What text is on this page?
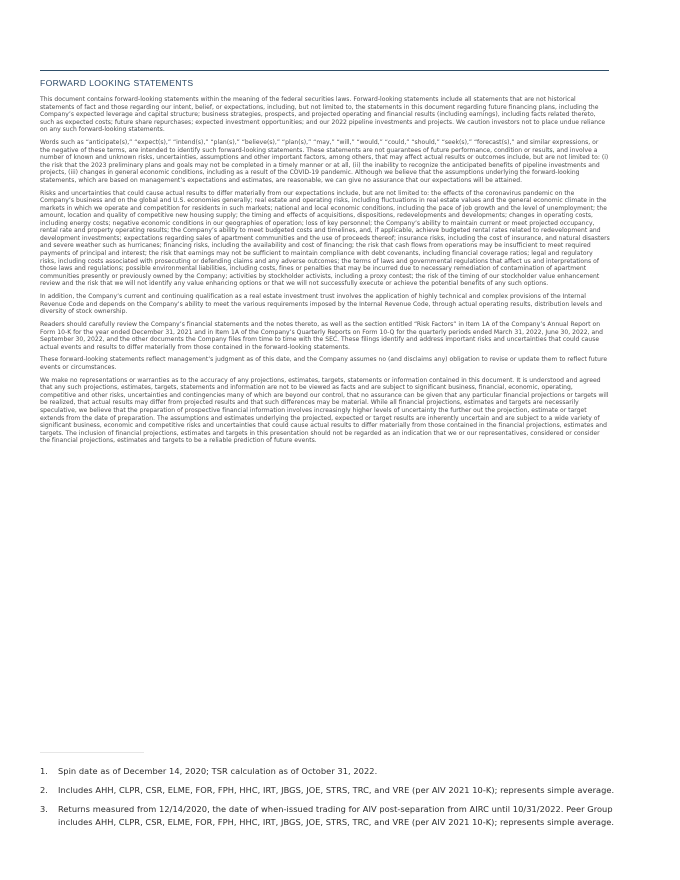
FORWARD LOOKING STATEMENTS

This document contains forward-looking statements within the meaning of the federal securities laws. Forward-looking statements include all statements that are not historical statements of fact and those regarding our intent, belief, or expectations, including, but not limited to, the statements in this document regarding future financing plans, including the Company’s expected leverage and capital structure; business strategies, prospects, and projected operating and financial results (including earnings), including facts related thereto, such as expected costs; future share repurchases; expected investment opportunities; and our 2022 pipeline investments and projects. We caution investors not to place undue reliance on any such forward-looking statements.

Words such as “anticipate(s),” “expect(s),” “intend(s),” “plan(s),” “believe(s),” “plan(s),” “may,” “will,” “would,” “could,” “should,” “seek(s),” “forecast(s),” and similar expressions, or the negative of these terms, are intended to identify such forward-looking statements. These statements are not guarantees of future performance, condition or results, and involve a number of known and unknown risks, uncertainties, assumptions and other important factors, among others, that may affect actual results or outcomes include, but are not limited to: (i) the risk that the 2023 preliminary plans and goals may not be completed in a timely manner or at all, (ii) the inability to recognize the anticipated benefits of pipeline investments and projects, (iii) changes in general economic conditions, including as a result of the COVID-19 pandemic. Although we believe that the assumptions underlying the forward-looking statements, which are based on management’s expectations and estimates, are reasonable, we can give no assurance that our expectations will be attained.

Risks and uncertainties that could cause actual results to differ materially from our expectations include, but are not limited to: the effects of the coronavirus pandemic on the Company’s business and on the global and U.S. economies generally; real estate and operating risks, including fluctuations in real estate values and the general economic climate in the markets in which we operate and competition for residents in such markets; national and local economic conditions, including the pace of job growth and the level of unemployment; the amount, location and quality of competitive new housing supply; the timing and effects of acquisitions, dispositions, redevelopments and developments; changes in operating costs, including energy costs; negative economic conditions in our geographies of operation; loss of key personnel; the Company’s ability to maintain current or meet projected occupancy, rental rate and property operating results; the Company’s ability to meet budgeted costs and timelines, and, if applicable, achieve budgeted rental rates related to redevelopment and development investments; expectations regarding sales of apartment communities and the use of proceeds thereof; insurance risks, including the cost of insurance, and natural disasters and severe weather such as hurricanes; financing risks, including the availability and cost of financing; the risk that cash flows from operations may be insufficient to meet required payments of principal and interest; the risk that earnings may not be sufficient to maintain compliance with debt covenants, including financial coverage ratios; legal and regulatory risks, including costs associated with prosecuting or defending claims and any adverse outcomes; the terms of laws and governmental regulations that affect us and interpretations of those laws and regulations; possible environmental liabilities, including costs, fines or penalties that may be incurred due to necessary remediation of contamination of apartment communities presently or previously owned by the Company; activities by stockholder activists, including a proxy contest; the risk of the timing of our stockholder value enhancement review and the risk that we will not identify any value enhancing options or that we will not successfully execute or achieve the potential benefits of any such options.

In addition, the Company’s current and continuing qualification as a real estate investment trust involves the application of highly technical and complex provisions of the Internal Revenue Code and depends on the Company’s ability to meet the various requirements imposed by the Internal Revenue Code, through actual operating results, distribution levels and diversity of stock ownership.

Readers should carefully review the Company’s financial statements and the notes thereto, as well as the section entitled “Risk Factors” in Item 1A of the Company’s Annual Report on Form 10-K for the year ended December 31, 2021 and in Item 1A of the Company’s Quarterly Reports on Form 10-Q for the quarterly periods ended March 31, 2022, June 30, 2022, and September 30, 2022, and the other documents the Company files from time to time with the SEC. These filings identify and address important risks and uncertainties that could cause actual events and results to differ materially from those contained in the forward-looking statements.

These forward-looking statements reflect management’s judgment as of this date, and the Company assumes no (and disclaims any) obligation to revise or update them to reflect future events or circumstances.

We make no representations or warranties as to the accuracy of any projections, estimates, targets, statements or information contained in this document. It is understood and agreed that any such projections, estimates, targets, statements and information are not to be viewed as facts and are subject to significant business, financial, economic, operating, competitive and other risks, uncertainties and contingencies many of which are beyond our control, that no assurance can be given that any particular financial projections or targets will be realized, that actual results may differ from projected results and that such differences may be material. While all financial projections, estimates and targets are necessarily speculative, we believe that the preparation of prospective financial information involves increasingly higher levels of uncertainty the further out the projection, estimate or target extends from the date of preparation. The assumptions and estimates underlying the projected, expected or target results are inherently uncertain and are subject to a wide variety of significant business, economic and competitive risks and uncertainties that could cause actual results to differ materially from those contained in the financial projections, estimates and targets. The inclusion of financial projections, estimates and targets in this presentation should not be regarded as an indication that we or our representatives, considered or consider the financial projections, estimates and targets to be a reliable prediction of future events.

1. Spin date as of December 14, 2020; TSR calculation as of October 31, 2022.
2. Includes AHH, CLPR, CSR, ELME, FOR, FPH, HHC, IRT, JBGS, JOE, STRS, TRC, and VRE (per AIV 2021 10-K); represents simple average.
3. Returns measured from 12/14/2020, the date of when-issued trading for AIV post-separation from AIRC until 10/31/2022. Peer Group includes AHH, CLPR, CSR, ELME, FOR, FPH, HHC, IRT, JBGS, JOE, STRS, TRC, and VRE (per AIV 2021 10-K); represents simple average.
